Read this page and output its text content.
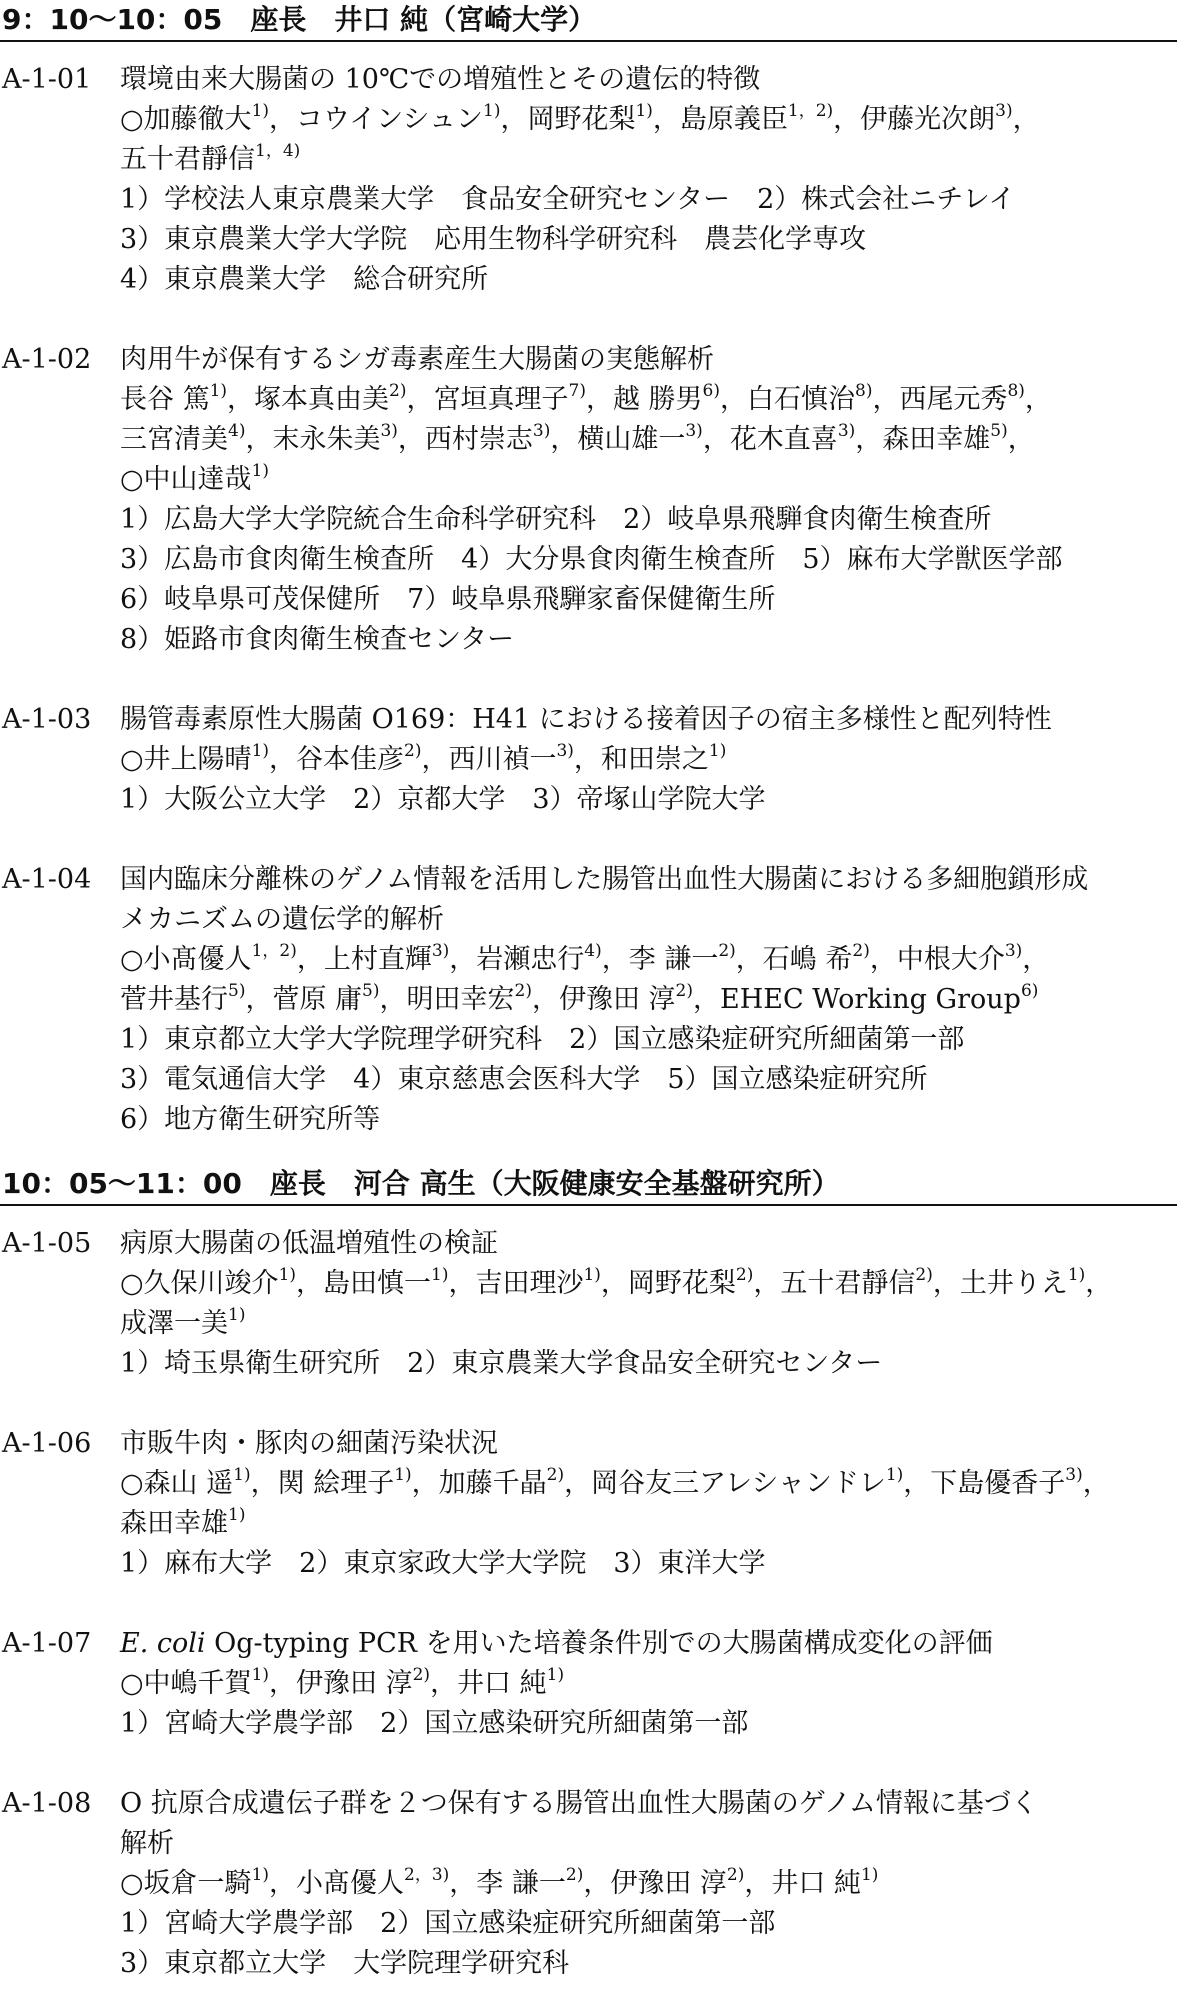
9：10～10：05　座長　井口 純（宮崎大学）
A-1-01 環境由来大腸菌の 10℃での増殖性とその遺伝的特徴
○加藤徹大$^{1)}$，コウインシュン$^{1)}$，岡野花梨$^{1)}$，島原義臣$^{1,2)}$，伊藤光次朗$^{3)}$，
五十君靜信$^{1,4)}$
1）学校法人東京農業大学　食品安全研究センター　2）株式会社ニチレイ
3）東京農業大学大学院　応用生物科学研究科　農芸化学専攻
4）東京農業大学　総合研究所
A-1-02 肉用牛が保有するシガ毒素産生大腸菌の実態解析
長谷 篤$^{1)}$，塚本真由美$^{2)}$，宮垣真理子$^{7)}$，越 勝男$^{6)}$，白石慎治$^{8)}$，西尾元秀$^{8)}$，
三宮清美$^{4)}$，末永朱美$^{3)}$，西村崇志$^{3)}$，横山雄一$^{3)}$，花木直喜$^{3)}$，森田幸雄$^{5)}$，
○中山達哉$^{1)}$
1）広島大学大学院統合生命科学研究科　2）岐阜県飛騨食肉衛生検査所
3）広島市食肉衛生検査所　4）大分県食肉衛生検査所　5）麻布大学獣医学部
6）岐阜県可茂保健所　7）岐阜県飛騨家畜保健衛生所
8）姫路市食肉衛生検査センター
A-1-03 腸管毒素原性大腸菌 O169：H41 における接着因子の宿主多様性と配列特性
○井上陽晴$^{1)}$，谷本佳彦$^{2)}$，西川禎一$^{3)}$，和田崇之$^{1)}$
1）大阪公立大学　2）京都大学　3）帝塚山学院大学
A-1-04 国内臨床分離株のゲノム情報を活用した腸管出血性大腸菌における多細胞鎖形成
メカニズムの遺伝学的解析
○小髙優人$^{1,2)}$，上村直輝$^{3)}$，岩瀬忠行$^{4)}$，李 謙一$^{2)}$，石嶋 希$^{2)}$，中根大介$^{3)}$，
菅井基行$^{5)}$，菅原 庸$^{5)}$，明田幸宏$^{2)}$，伊豫田 淳$^{2)}$，EHEC Working Group$^{6)}$
1）東京都立大学大学院理学研究科　2）国立感染症研究所細菌第一部
3）電気通信大学　4）東京慈恵会医科大学　5）国立感染症研究所
6）地方衛生研究所等
10：05～11：00　座長　河合 高生（大阪健康安全基盤研究所）
A-1-05 病原大腸菌の低温増殖性の検証
○久保川竣介$^{1)}$，島田慎一$^{1)}$，吉田理沙$^{1)}$，岡野花梨$^{2)}$，五十君靜信$^{2)}$，土井りえ$^{1)}$，
成澤一美$^{1)}$
1）埼玉県衛生研究所　2）東京農業大学食品安全研究センター
A-1-06 市販牛肉・豚肉の細菌汚染状況
○森山 遥$^{1)}$，関 絵理子$^{1)}$，加藤千晶$^{2)}$，岡谷友三アレシャンドレ$^{1)}$，下島優香子$^{3)}$，
森田幸雄$^{1)}$
1）麻布大学　2）東京家政大学大学院　3）東洋大学
A-1-07 E. coli Og-typing PCR を用いた培養条件別での大腸菌構成変化の評価
○中嶋千賀$^{1)}$，伊豫田 淳$^{2)}$，井口 純$^{1)}$
1）宮崎大学農学部　2）国立感染研究所細菌第一部
A-1-08 O 抗原合成遺伝子群を２つ保有する腸管出血性大腸菌のゲノム情報に基づく
解析
○坂倉一騎$^{1)}$，小髙優人$^{2,3)}$，李 謙一$^{2)}$，伊豫田 淳$^{2)}$，井口 純$^{1)}$
1）宮崎大学農学部　2）国立感染症研究所細菌第一部
3）東京都立大学　大学院理学研究科
